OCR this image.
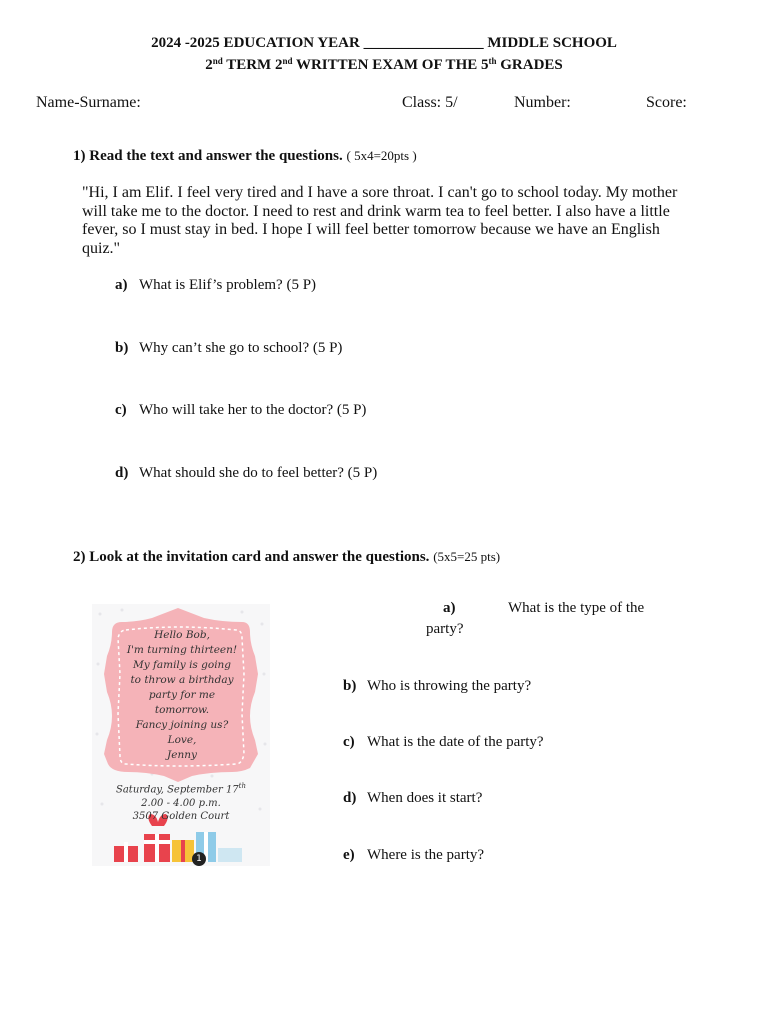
2024 -2025 EDUCATION YEAR ________________ MIDDLE SCHOOL
2nd TERM 2nd WRITTEN EXAM OF THE 5th GRADES
Name-Surname:	Class: 5/	Number:	Score:
1) Read the text and answer the questions. ( 5x4=20pts )
"Hi, I am Elif. I feel very tired and I have a sore throat. I can't go to school today. My mother will take me to the doctor. I need to rest and drink warm tea to feel better. I also have a little fever, so I must stay in bed. I hope I will feel better tomorrow because we have an English quiz."
a) What is Elif’s problem? (5 P)
b) Why can’t she go to school? (5 P)
c) Who will take her to the doctor? (5 P)
d) What should she do to feel better? (5 P)
2) Look at the invitation card and answer the questions. (5x5=25 pts)
Hello Bob,
I'm turning thirteen!
My family is going
to throw a birthday
party for me
tomorrow.
Fancy joining us?
Love,
Jenny
Saturday, September 17th
2.00 - 4.00 p.m.
3507 Golden Court
1
a)	What is the type of the
party?
b) Who is throwing the party?
c) What is the date of the party?
d) When does it start?
e) Where is the party?
